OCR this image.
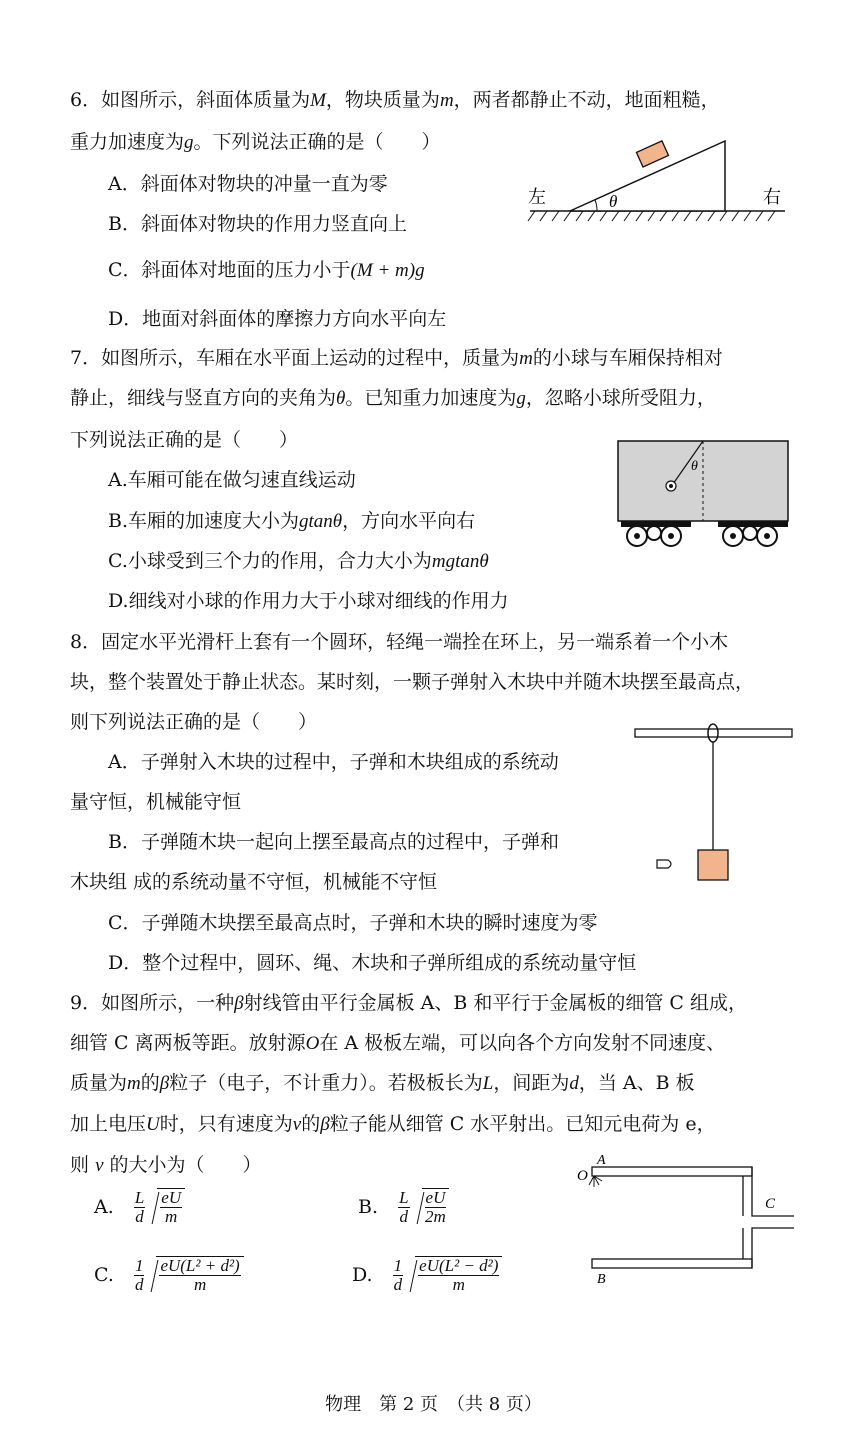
6．如图所示，斜面体质量为M，物块质量为m，两者都静止不动，地面粗糙，
重力加速度为g。下列说法正确的是（　　）
A．斜面体对物块的冲量一直为零
B．斜面体对物块的作用力竖直向上
C．斜面体对地面的压力小于(M + m)g
D．地面对斜面体的摩擦力方向水平向左
θ
左	右
7．如图所示，车厢在水平面上运动的过程中，质量为m的小球与车厢保持相对
静止，细线与竖直方向的夹角为θ。已知重力加速度为g，忽略小球所受阻力，
下列说法正确的是（　　）
A.车厢可能在做匀速直线运动
B.车厢的加速度大小为gtanθ，方向水平向右
C.小球受到三个力的作用，合力大小为mgtanθ
D.细线对小球的作用力大于小球对细线的作用力
θ
8．固定水平光滑杆上套有一个圆环，轻绳一端拴在环上，另一端系着一个小木
块，整个装置处于静止状态。某时刻，一颗子弹射入木块中并随木块摆至最高点，
则下列说法正确的是（　　）
A．子弹射入木块的过程中，子弹和木块组成的系统动
量守恒，机械能守恒
B．子弹随木块一起向上摆至最高点的过程中，子弹和
木块组 成的系统动量不守恒，机械能不守恒
C．子弹随木块摆至最高点时，子弹和木块的瞬时速度为零
D．整个过程中，圆环、绳、木块和子弹所组成的系统动量守恒
9．如图所示，一种β射线管由平行金属板 A、B 和平行于金属板的细管 C 组成，
细管 C 离两板等距。放射源O在 A 极板左端，可以向各个方向发射不同速度、
质量为m的β粒子（电子，不计重力）。若极板长为L，间距为d，当 A、B 板
加上电压U时，只有速度为v的β粒子能从细管 C 水平射出。已知元电荷为 e，
则 v 的大小为（　　）
A. $\frac{L}{d} \frac{eU}{m}$	B. $\frac{L}{d} \frac{eU}{2m}$
C. $\frac{1}{d} \frac{\text{eU(L² + d²)}}{m}$	D. $\frac{1}{d} \frac{\text{eU(L² − d²)}}{m}$
O
A
B
C
物理　第 2 页　（共 8 页）
